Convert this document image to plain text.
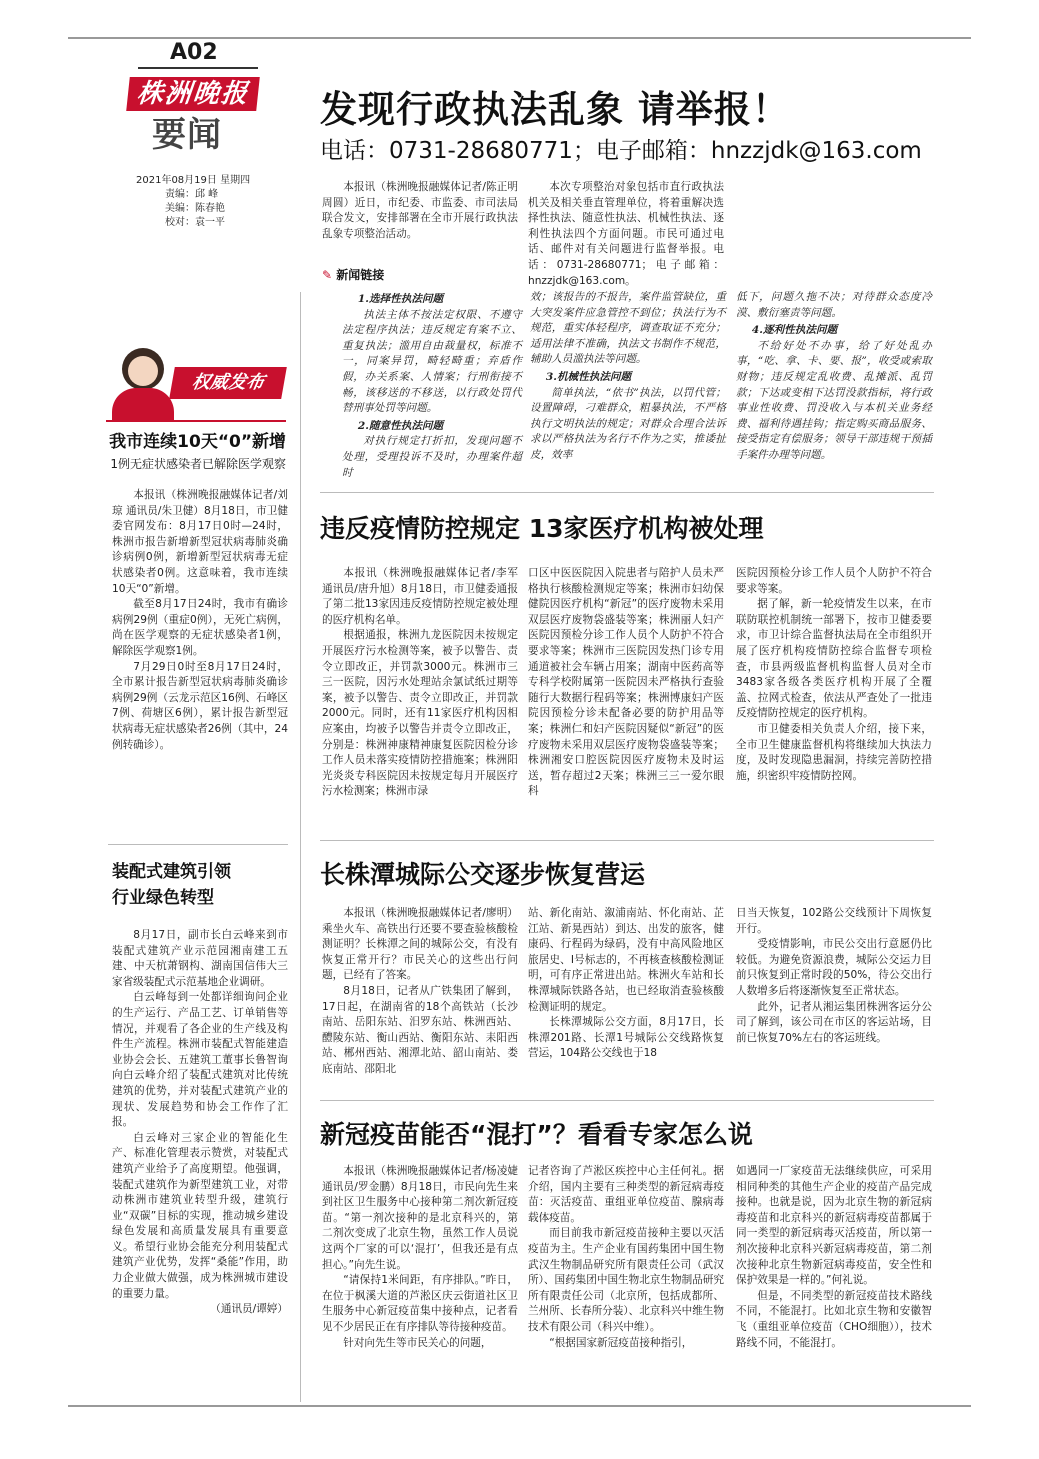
A02
株洲晚报
要闻
2021年08月19日 星期四
责编：邱 峰
美编：陈春艳
校对：袁一平
发现行政执法乱象 请举报！
电话：0731-28680771；电子邮箱：hnzzjdk@163.com

本报讯（株洲晚报融媒体记者/陈正明 周圆）近日，市纪委、市监委、市司法局联合发文，安排部署在全市开展行政执法乱象专项整治活动。

本次专项整治对象包括市直行政执法机关及相关垂直管理单位，将着重解决选择性执法、随意性执法、机械性执法、逐利性执法四个方面问题。市民可通过电话、邮件对有关问题进行监督举报。电话：0731-28680771；电子邮箱：hnzzjdk@163.com。

✎ 新闻链接

1.选择性执法问题

执法主体不按法定权限、不遵守法定程序执法；违反规定有案不立、重复执法；滥用自由裁量权，标准不一，同案异罚，畸轻畸重；弃盾作假，办关系案、人情案；行刑衔接不畅，该移送的不移送，以行政处罚代替刑事处罚等问题。

2.随意性执法问题

对执行规定打折扣，发现问题不处理，受理投诉不及时，办理案件超时

效；该报告的不报告，案件监管缺位，重大突发案件应急管控不到位；执法行为不规范，重实体轻程序，调查取证不充分；适用法律不准确，执法文书制作不规范，辅助人员滥执法等问题。

3.机械性执法问题

简单执法，“依书”执法，以罚代管；设置障碍，刁难群众，粗暴执法，不严格执行文明执法的规定；对群众合理合法诉求以严格执法为名行不作为之实，推诿扯皮，效率

低下，问题久拖不决；对待群众态度冷漠、敷衍塞责等问题。

4.逐利性执法问题

不给好处不办事，给了好处乱办事，“吃、拿、卡、要、报”，收受或索取财物；违反规定乱收费、乱摊派、乱罚款；下达或变相下达罚没款指标，将行政事业性收费、罚没收入与本机关业务经费、福利待遇挂钩；指定购买商品服务、接受指定有偿服务；领导干部违规干预插手案件办理等问题。

权威发布
我市连续10天“0”新增
1例无症状感染者已解除医学观察

本报讯（株洲晚报融媒体记者/刘琼 通讯员/朱卫健）8月18日，市卫健委官网发布：8月17日0时—24时，株洲市报告新增新型冠状病毒肺炎确诊病例0例，新增新型冠状病毒无症状感染者0例。这意味着，我市连续10天“0”新增。

截至8月17日24时，我市有确诊病例29例（重症0例），无死亡病例，尚在医学观察的无症状感染者1例，解除医学观察1例。

7月29日0时至8月17日24时，全市累计报告新型冠状病毒肺炎确诊病例29例（云龙示范区16例、石峰区7例、荷塘区6例），累计报告新型冠状病毒无症状感染者26例（其中，24例转确诊）。

装配式建筑引领
行业绿色转型

8月17日，副市长白云峰来到市装配式建筑产业示范园湘南建工五建、中天杭萧钢构、湖南国信伟大三家省级装配式示范基地企业调研。

白云峰每到一处都详细询问企业的生产运行、产品工艺、订单销售等情况，并观看了各企业的生产线及构件生产流程。株洲市装配式智能建造业协会会长、五建筑工董事长鲁智询向白云峰介绍了装配式建筑对比传统建筑的优势，并对装配式建筑产业的现状、发展趋势和协会工作作了汇报。

白云峰对三家企业的智能化生产、标准化管理表示赞赏，对装配式建筑产业给予了高度期望。他强调，装配式建筑作为新型建筑工业，对带动株洲市建筑业转型升级，建筑行业“双碳”目标的实现，推动城乡建设绿色发展和高质量发展具有重要意义。希望行业协会能充分利用装配式建筑产业优势，发挥“桑能”作用，助力企业做大做强，成为株洲城市建设的重要力量。

（通讯员/谭婷）

违反疫情防控规定 13家医疗机构被处理

本报讯（株洲晚报融媒体记者/李军 通讯员/唐升旭）8月18日，市卫健委通报了第二批13家因违反疫情防控规定被处理的医疗机构名单。

根据通报，株洲九龙医院因未按规定开展医疗污水检测等案，被予以警告、责令立即改正，并罚款3000元。株洲市三三一医院，因污水处理站余氯试纸过期等案，被予以警告、责令立即改正，并罚款2000元。同时，还有11家医疗机构因相应案由，均被予以警告并责令立即改正，分别是：株洲神康精神康复医院因检分诊工作人员未落实疫情防控措施案；株洲阳光炎炎专科医院因未按规定每月开展医疗污水检测案；株洲市渌

口区中医医院因入院患者与陪护人员未严格执行核酸检测规定等案；株洲市妇幼保健院因医疗机构“新冠”的医疗废物未采用双层医疗废物袋盛装等案；株洲丽人妇产医院因预检分诊工作人员个人防护不符合要求等案；株洲市三医院因发热门诊专用通道被社会车辆占用案；湖南中医药高等专科学校附属第一医院因未严格执行查验随行大数据行程码等案；株洲博康妇产医院因预检分诊未配备必要的防护用品等案；株洲仁和妇产医院因疑似“新冠”的医疗废物未采用双层医疗废物袋盛装等案；株洲湘安口腔医院因医疗废物未及时运送，暂存超过2天案；株洲三三一爱尔眼科

医院因预检分诊工作人员个人防护不符合要求等案。

据了解，新一轮疫情发生以来，在市联防联控机制统一部署下，按市卫健委要求，市卫计综合监督执法局在全市组织开展了医疗机构疫情防控综合监督专项检查，市县两级监督机构监督人员对全市3483家各级各类医疗机构开展了全覆盖、拉网式检查，依法从严查处了一批违反疫情防控规定的医疗机构。

市卫健委相关负责人介绍，接下来，全市卫生健康监督机构将继续加大执法力度，及时发现隐患漏洞，持续完善防控措施，织密织牢疫情防控网。

长株潭城际公交逐步恢复营运

本报讯（株洲晚报融媒体记者/廖明）乘坐火车、高铁出行还要不要查验核酸检测证明？长株潭之间的城际公交，有没有恢复正常开行？市民关心的这些出行问题，已经有了答案。

8月18日，记者从广铁集团了解到，17日起，在湖南省的18个高铁站（长沙南站、岳阳东站、汨罗东站、株洲西站、醴陵东站、衡山西站、衡阳东站、耒阳西站、郴州西站、湘潭北站、韶山南站、娄底南站、邵阳北

站、新化南站、溆浦南站、怀化南站、芷江站、新晃西站）到达、出发的旅客，健康码、行程码为绿码，没有中高风险地区旅居史、Ⅰ号标志的，不再核查核酸检测证明，可有序正常进出站。株洲火车站和长株潭城际铁路各站，也已经取消查验核酸检测证明的规定。

长株潭城际公交方面，8月17日，长株潭201路、长潭1号城际公交线路恢复营运，104路公交线也于18

日当天恢复，102路公交线预计下周恢复开行。

受疫情影响，市民公交出行意愿仍比较低。为避免资源浪费，城际公交运力目前只恢复到正常时段的50%，待公交出行人数增多后将逐渐恢复至正常状态。

此外，记者从湘运集团株洲客运分公司了解到，该公司在市区的客运站场，目前已恢复70%左右的客运班线。

新冠疫苗能否“混打”？看看专家怎么说

本报讯（株洲晚报融媒体记者/杨凌婕 通讯员/罗金鹏）8月18日，市民向先生来到社区卫生服务中心接种第二剂次新冠疫苗。“第一剂次接种的是北京科兴的，第二剂次变成了北京生物，虽然工作人员说这两个厂家的可以‘混打’，但我还是有点担心。”向先生说。

“请保持1米间距，有序排队。”昨日，在位于枫溪大道的芦淞区庆云街道社区卫生服务中心新冠疫苗集中接种点，记者看见不少居民正在有序排队等待接种疫苗。

针对向先生等市民关心的问题，

记者咨询了芦淞区疾控中心主任何礼。据介绍，国内主要有三种类型的新冠病毒疫苗：灭活疫苗、重组亚单位疫苗、腺病毒载体疫苗。

而目前我市新冠疫苗接种主要以灭活疫苗为主。生产企业有国药集团中国生物武汉生物制品研究所有限责任公司（武汉所）、国药集团中国生物北京生物制品研究所有限责任公司（北京所，包括成都所、兰州所、长春所分装）、北京科兴中维生物技术有限公司（科兴中维）。

“根据国家新冠疫苗接种指引，

如遇同一厂家疫苗无法继续供应，可采用相同种类的其他生产企业的疫苗产品完成接种。也就是说，因为北京生物的新冠病毒疫苗和北京科兴的新冠病毒疫苗都属于同一类型的新冠病毒灭活疫苗，所以第一剂次接种北京科兴新冠病毒疫苗，第二剂次接种北京生物新冠病毒疫苗，安全性和保护效果是一样的。”何礼说。

但是，不同类型的新冠疫苗技术路线不同，不能混打。比如北京生物和安徽智飞（重组亚单位疫苗（CHO细胞）），技术路线不同，不能混打。
